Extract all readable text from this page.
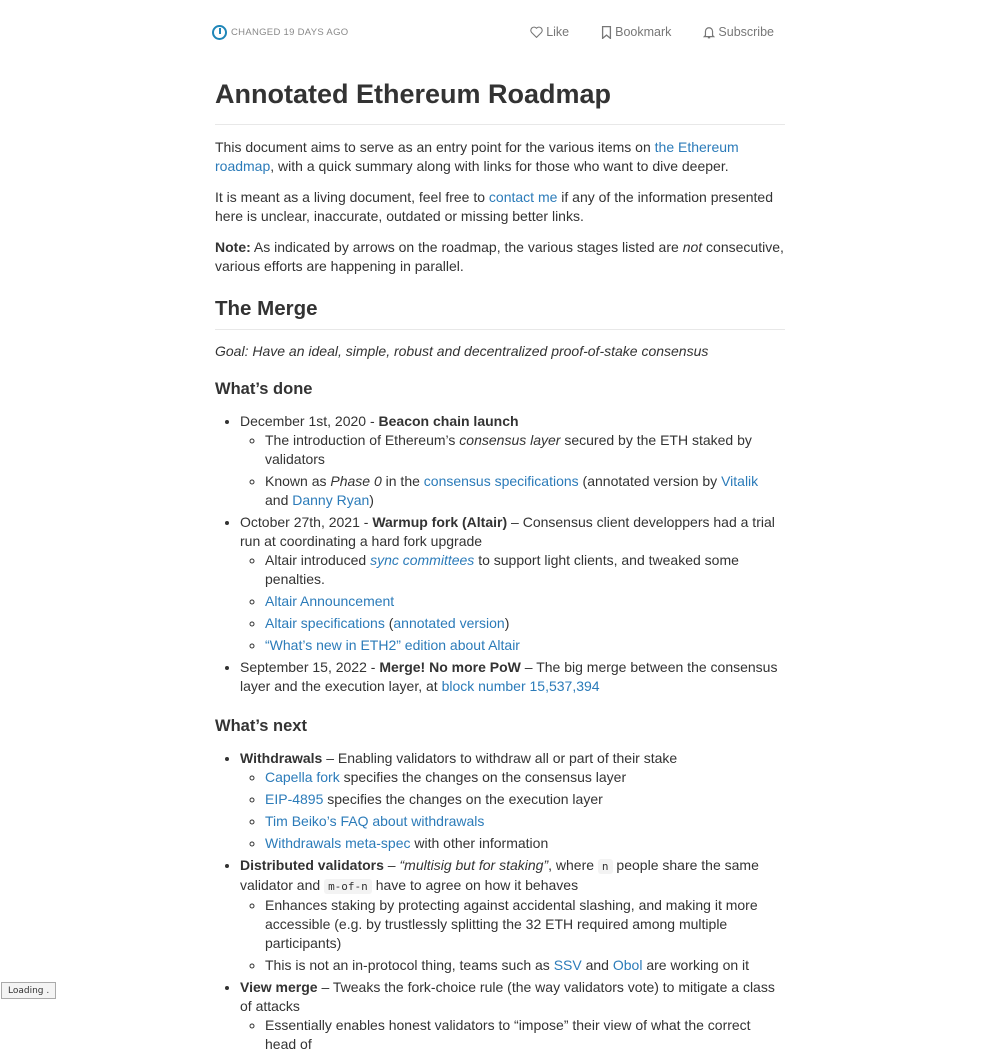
CHANGED 19 DAYS AGO	Like	Bookmark	Subscribe
Annotated Ethereum Roadmap

This document aims to serve as an entry point for the various items on the Ethereum roadmap, with a quick summary along with links for those who want to dive deeper.

It is meant as a living document, feel free to contact me if any of the information presented here is unclear, inaccurate, outdated or missing better links.

Note: As indicated by arrows on the roadmap, the various stages listed are not consecutive, various efforts are happening in parallel.

The Merge

Goal: Have an ideal, simple, robust and decentralized proof-of-stake consensus

What’s done
• December 1st, 2020 - Beacon chain launch
◦ The introduction of Ethereum’s consensus layer secured by the ETH staked by validators
◦ Known as Phase 0 in the consensus specifications (annotated version by Vitalik and Danny Ryan)
• October 27th, 2021 - Warmup fork (Altair) – Consensus client developpers had a trial run at coordinating a hard fork upgrade
◦ Altair introduced sync committees to support light clients, and tweaked some penalties.
◦ Altair Announcement
◦ Altair specifications (annotated version)
◦ “What’s new in ETH2” edition about Altair
• September 15, 2022 - Merge! No more PoW – The big merge between the consensus layer and the execution layer, at block number 15,537,394
What’s next
• Withdrawals – Enabling validators to withdraw all or part of their stake
◦ Capella fork specifies the changes on the consensus layer
◦ EIP-4895 specifies the changes on the execution layer
◦ Tim Beiko’s FAQ about withdrawals
◦ Withdrawals meta-spec with other information
• Distributed validators – “multisig but for staking”, where n people share the same validator and m-of-n have to agree on how it behaves
◦ Enhances staking by protecting against accidental slashing, and making it more accessible (e.g. by trustlessly splitting the 32 ETH required among multiple participants)
◦ This is not an in-protocol thing, teams such as SSV and Obol are working on it
• View merge – Tweaks the fork-choice rule (the way validators vote) to mitigate a class of attacks
◦ Essentially enables honest validators to “impose” their view of what the correct head of
Loading .
